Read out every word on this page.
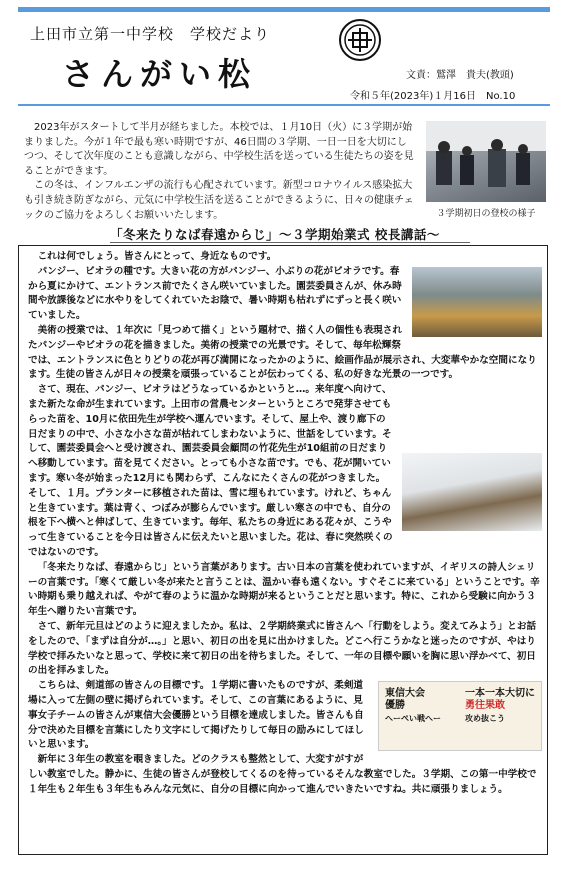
上田市立第一中学校　学校だより
さんがい松	文責：鷲澤　貴夫(教頭)
令和５年(2023年)１月16日　No.10

2023年がスタートして半月が経ちました。本校では、１月10日（火）に３学期が始まりました。今が１年で最も寒い時期ですが、46日間の３学期、一日一日を大切にしつつ、そして次年度のことも意識しながら、中学校生活を送っている生徒たちの姿を見ることができます。

この冬は、インフルエンザの流行も心配されています。新型コロナウイルス感染拡大も引き続き防ぎながら、元気に中学校生活を送ることができるように、日々の健康チェックのご協力をよろしくお願いいたします。	３学期初日の登校の様子
「冬来たりなば春遠からじ」～３学期始業式 校長講話～

これは何でしょう。皆さんにとって、身近なものです。

パンジー、ビオラの種です。大きい花の方がパンジー、小ぶりの花がビオラです。春から夏にかけて、エントランス前でたくさん咲いていました。園芸委員さんが、休み時間や放課後などに水やりをしてくれていたお陰で、暑い時期も枯れずにずっと長く咲いていました。

美術の授業では、１年次に「見つめて描く」という題材で、描く人の個性も表現されたパンジーやビオラの花を描きました。美術の授業での光景です。そして、毎年松輝祭では、エントランスに色とりどりの花が再び満開になったかのように、絵画作品が展示され、大変華やかな空間になります。生徒の皆さんが日々の授業を頑張っていることが伝わってくる、私の好きな光景の一つです。

さて、現在、パンジー、ビオラはどうなっているかというと…。来年度へ向けて、また新たな命が生まれています。上田市の営農センターというところで発芽させてもらった苗を、10月に依田先生が学校へ運んでいます。そして、屋上や、渡り廊下の日だまりの中で、小さな小さな苗が枯れてしまわないように、世話をしています。そして、園芸委員会へと受け渡され、園芸委員会顧問の竹花先生が10組前の日だまりへ移動しています。苗を見てください。とっても小さな苗です。でも、花が開いています。寒い冬が始まった12月にも関わらず、こんなにたくさんの花がつきました。そして、１月。プランターに移植された苗は、雪に埋もれています。けれど、ちゃんと生きています。葉は青く、つぼみが膨らんでいます。厳しい寒さの中でも、自分の根を下へ横へと伸ばして、生きています。毎年、私たちの身近にある花々が、こうやって生きていることを今日は皆さんに伝えたいと思いました。花は、春に突然咲くのではないのです。

「冬来たりなば、春遠からじ」という言葉があります。古い日本の言葉を使われていますが、イギリスの詩人シェリーの言葉です。「寒くて厳しい冬が来たと言うことは、温かい春も遠くない。すぐそこに来ている」ということです。辛い時期も乗り越えれば、やがて春のように温かな時期が来るということだと思います。特に、これから受験に向かう３年生へ贈りたい言葉です。

さて、新年元旦はどのように迎えましたか。私は、２学期終業式に皆さんへ「行動をしよう。変えてみよう」とお話をしたので、「まずは自分が…。」と思い、初日の出を見に出かけました。どこへ行こうかなと迷ったのですが、やはり学校で拝みたいなと思って、学校に来て初日の出を待ちました。そして、一年の目標や願いを胸に思い浮かべて、初日の出を拝みました。

東信大会
優勝
へーぺい戦へー
一本一本大切に
勇往果敢
攻め抜こう

こちらは、剣道部の皆さんの目標です。１学期に書いたものですが、柔剣道場に入って左側の壁に掲げられています。そして、この言葉にあるように、見事女子チームの皆さんが東信大会優勝という目標を達成しました。皆さんも自分で決めた目標を言葉にしたり文字にして掲げたりして毎日の励みにしてほしいと思います。

新年に３年生の教室を覗きました。どのクラスも整然として、大変すがすがしい教室でした。静かに、生徒の皆さんが登校してくるのを待っているそんな教室でした。３学期、この第一中学校で１年生も２年生も３年生もみんな元気に、自分の目標に向かって進んでいきたいですね。共に頑張りましょう。
